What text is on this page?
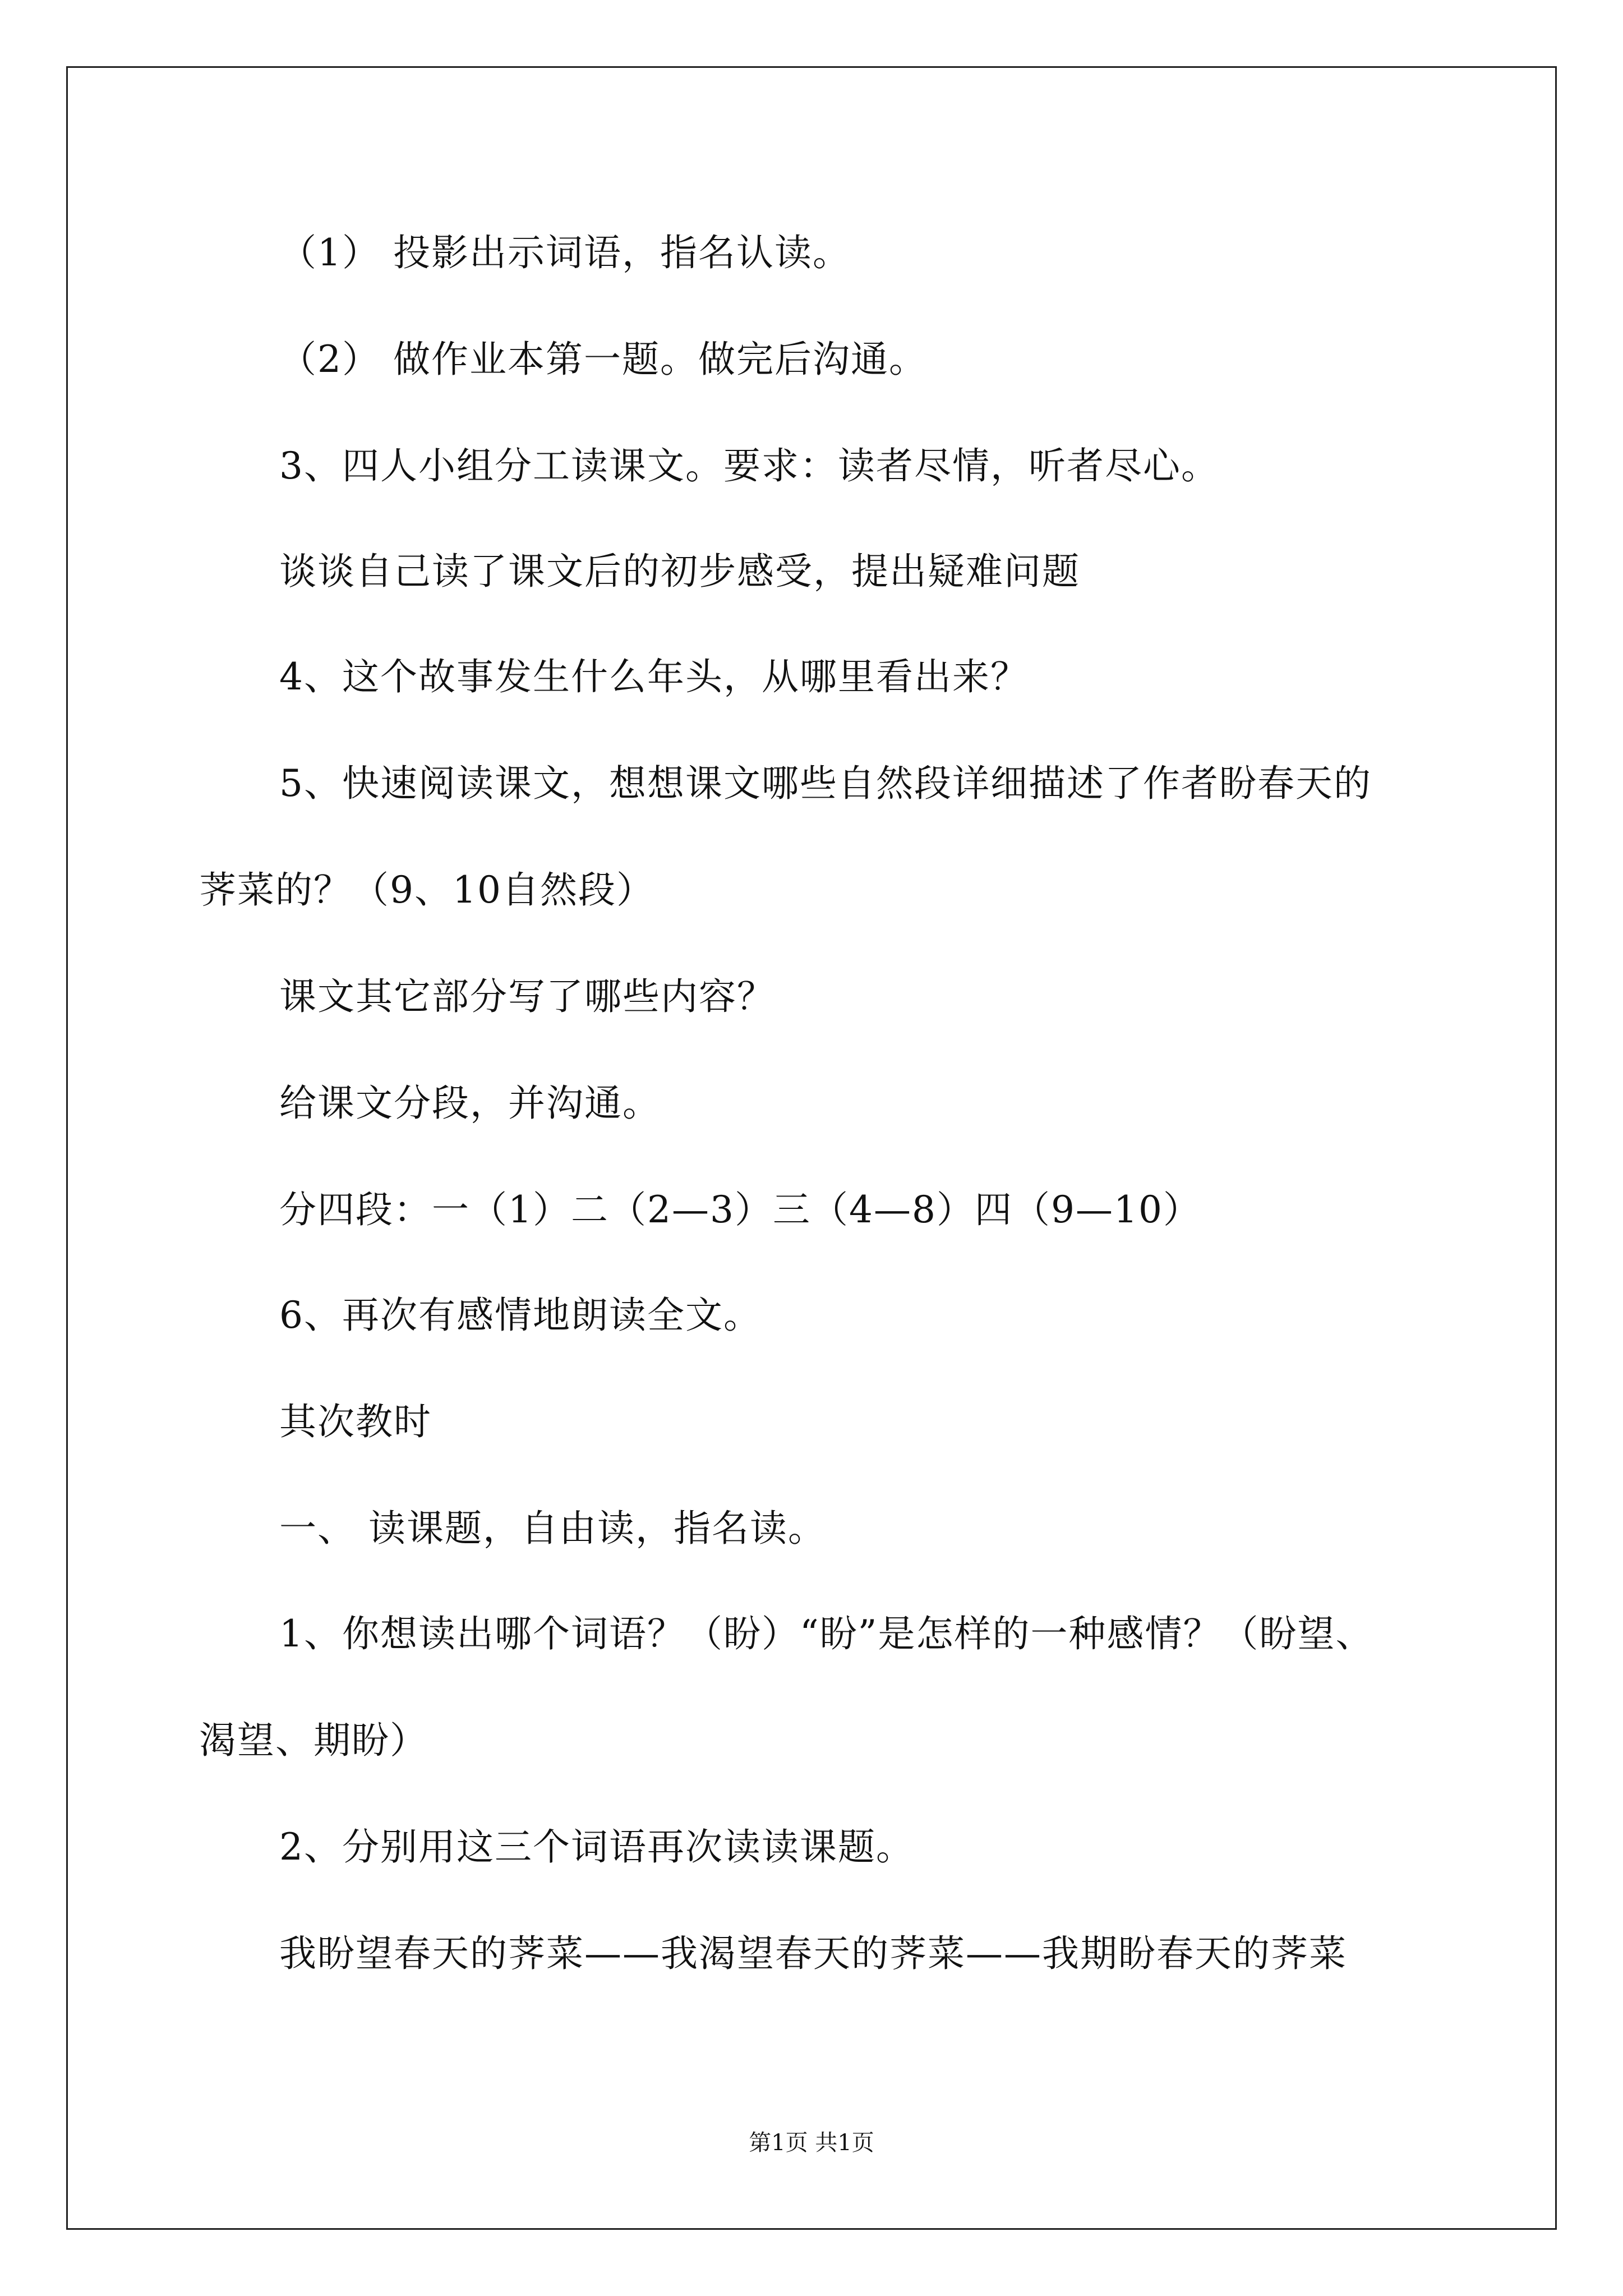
（1） 投影出示词语，指名认读。
（2） 做作业本第一题。做完后沟通。
3、四人小组分工读课文。要求：读者尽情，听者尽心。
谈谈自己读了课文后的初步感受，提出疑难问题
4、这个故事发生什么年头，从哪里看出来？
5、快速阅读课文，想想课文哪些自然段详细描述了作者盼春天的
荠菜的？（9、10自然段）
课文其它部分写了哪些内容？
给课文分段，并沟通。
分四段：一（1）二（2—3）三（4—8）四（9—10）
6、再次有感情地朗读全文。
其次教时
一、 读课题，自由读，指名读。
1、你想读出哪个词语？（盼）“盼”是怎样的一种感情？（盼望、
渴望、期盼）
2、分别用这三个词语再次读读课题。
我盼望春天的荠菜——我渴望春天的荠菜——我期盼春天的荠菜
第1页 共1页
